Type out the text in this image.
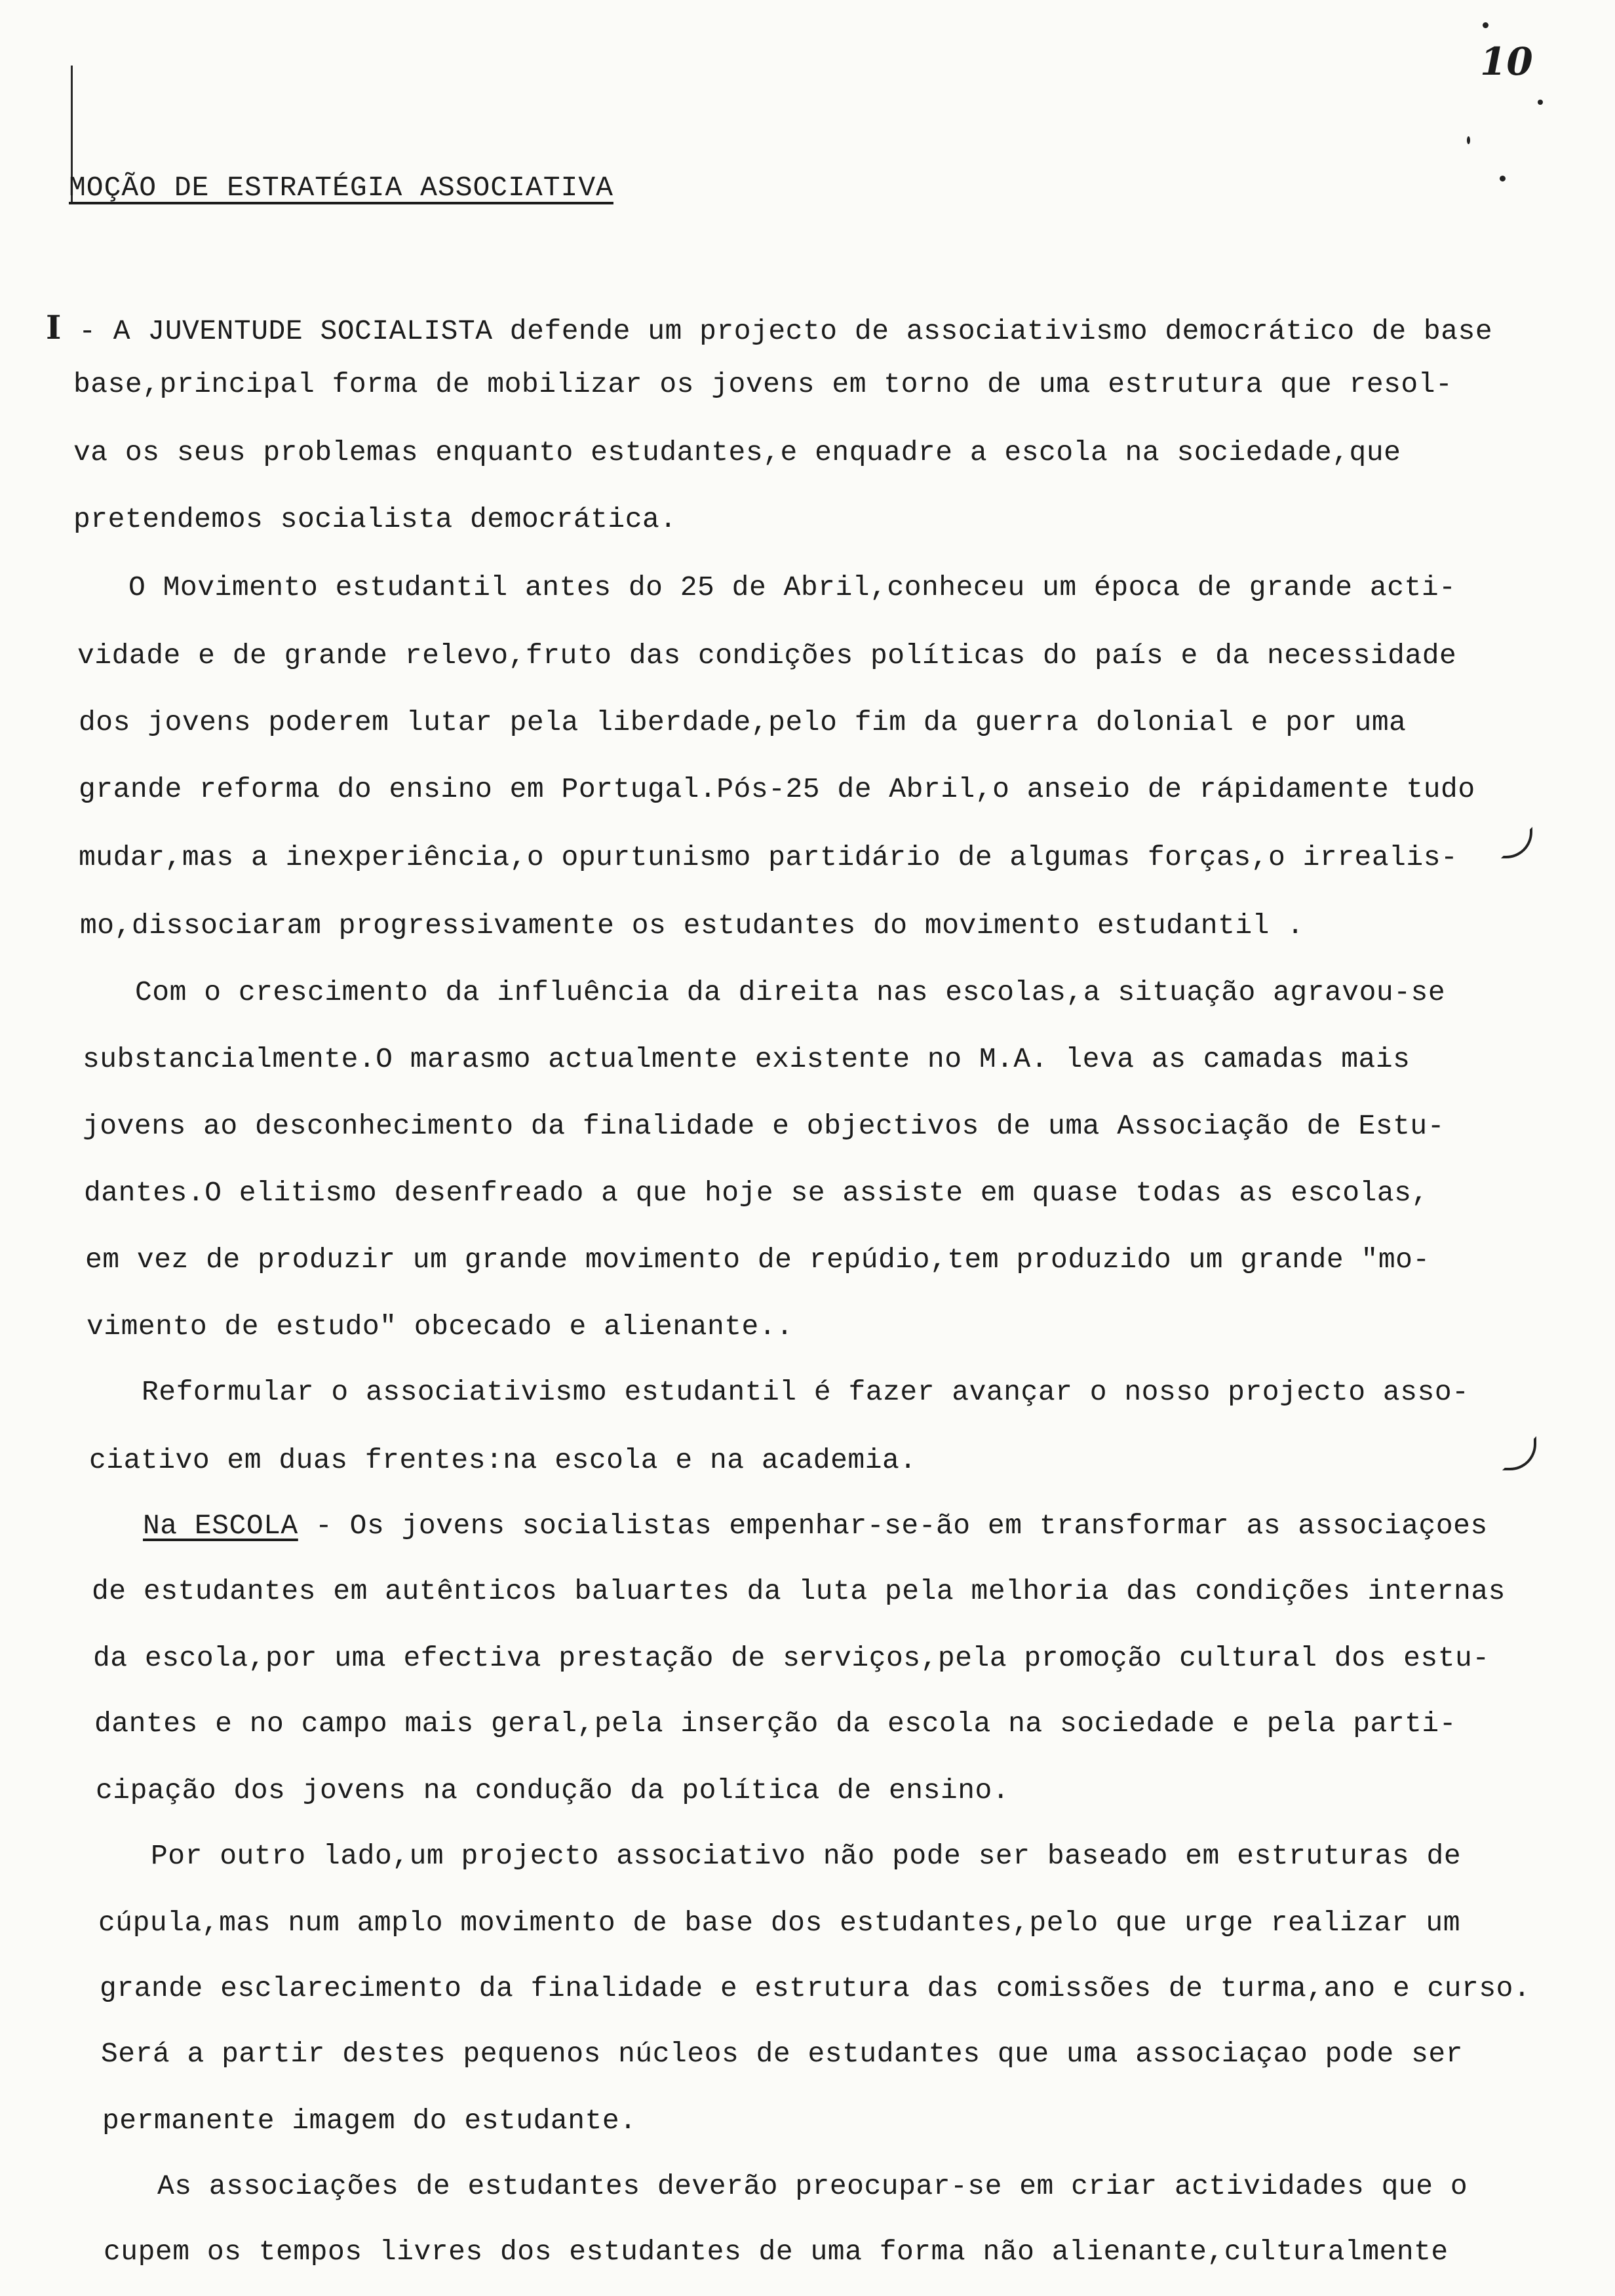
10
MOÇÃO DE ESTRATÉGIA ASSOCIATIVA
I - A JUVENTUDE SOCIALISTA defende um projecto de associativismo democrático de base
base,principal forma de mobilizar os jovens em torno de uma estrutura que resol-
va os seus problemas enquanto estudantes,e enquadre a escola na sociedade,que
pretendemos socialista democrática.
O Movimento estudantil antes do 25 de Abril,conheceu um época de grande acti-
vidade e de grande relevo,fruto das condições políticas do país e da necessidade
dos jovens poderem lutar pela liberdade,pelo fim da guerra dolonial e por uma
grande reforma do ensino em Portugal.Pós-25 de Abril,o anseio de rápidamente tudo
mudar,mas a inexperiência,o opurtunismo partidário de algumas forças,o irrealis-
mo,dissociaram progressivamente os estudantes do movimento estudantil .
Com o crescimento da influência da direita nas escolas,a situação agravou-se
substancialmente.O marasmo actualmente existente no M.A. leva as camadas mais
jovens ao desconhecimento da finalidade e objectivos de uma Associação de Estu-
dantes.O elitismo desenfreado a que hoje se assiste em quase todas as escolas,
em vez de produzir um grande movimento de repúdio,tem produzido um grande "mo-
vimento de estudo" obcecado e alienante..
Reformular o associativismo estudantil é fazer avançar o nosso projecto asso-
ciativo em duas frentes:na escola e na academia.
Na ESCOLA - Os jovens socialistas empenhar-se-ão em transformar as associaçoes
de estudantes em autênticos baluartes da luta pela melhoria das condições internas
da escola,por uma efectiva prestação de serviços,pela promoção cultural dos estu-
dantes e no campo mais geral,pela inserção da escola na sociedade e pela parti-
cipação dos jovens na condução da política de ensino.
Por outro lado,um projecto associativo não pode ser baseado em estruturas de
cúpula,mas num amplo movimento de base dos estudantes,pelo que urge realizar um
grande esclarecimento da finalidade e estrutura das comissões de turma,ano e curso.
Será a partir destes pequenos núcleos de estudantes que uma associaçao pode ser
permanente imagem do estudante.
As associações de estudantes deverão preocupar-se em criar actividades que o
cupem os tempos livres dos estudantes de uma forma não alienante,culturalmente
